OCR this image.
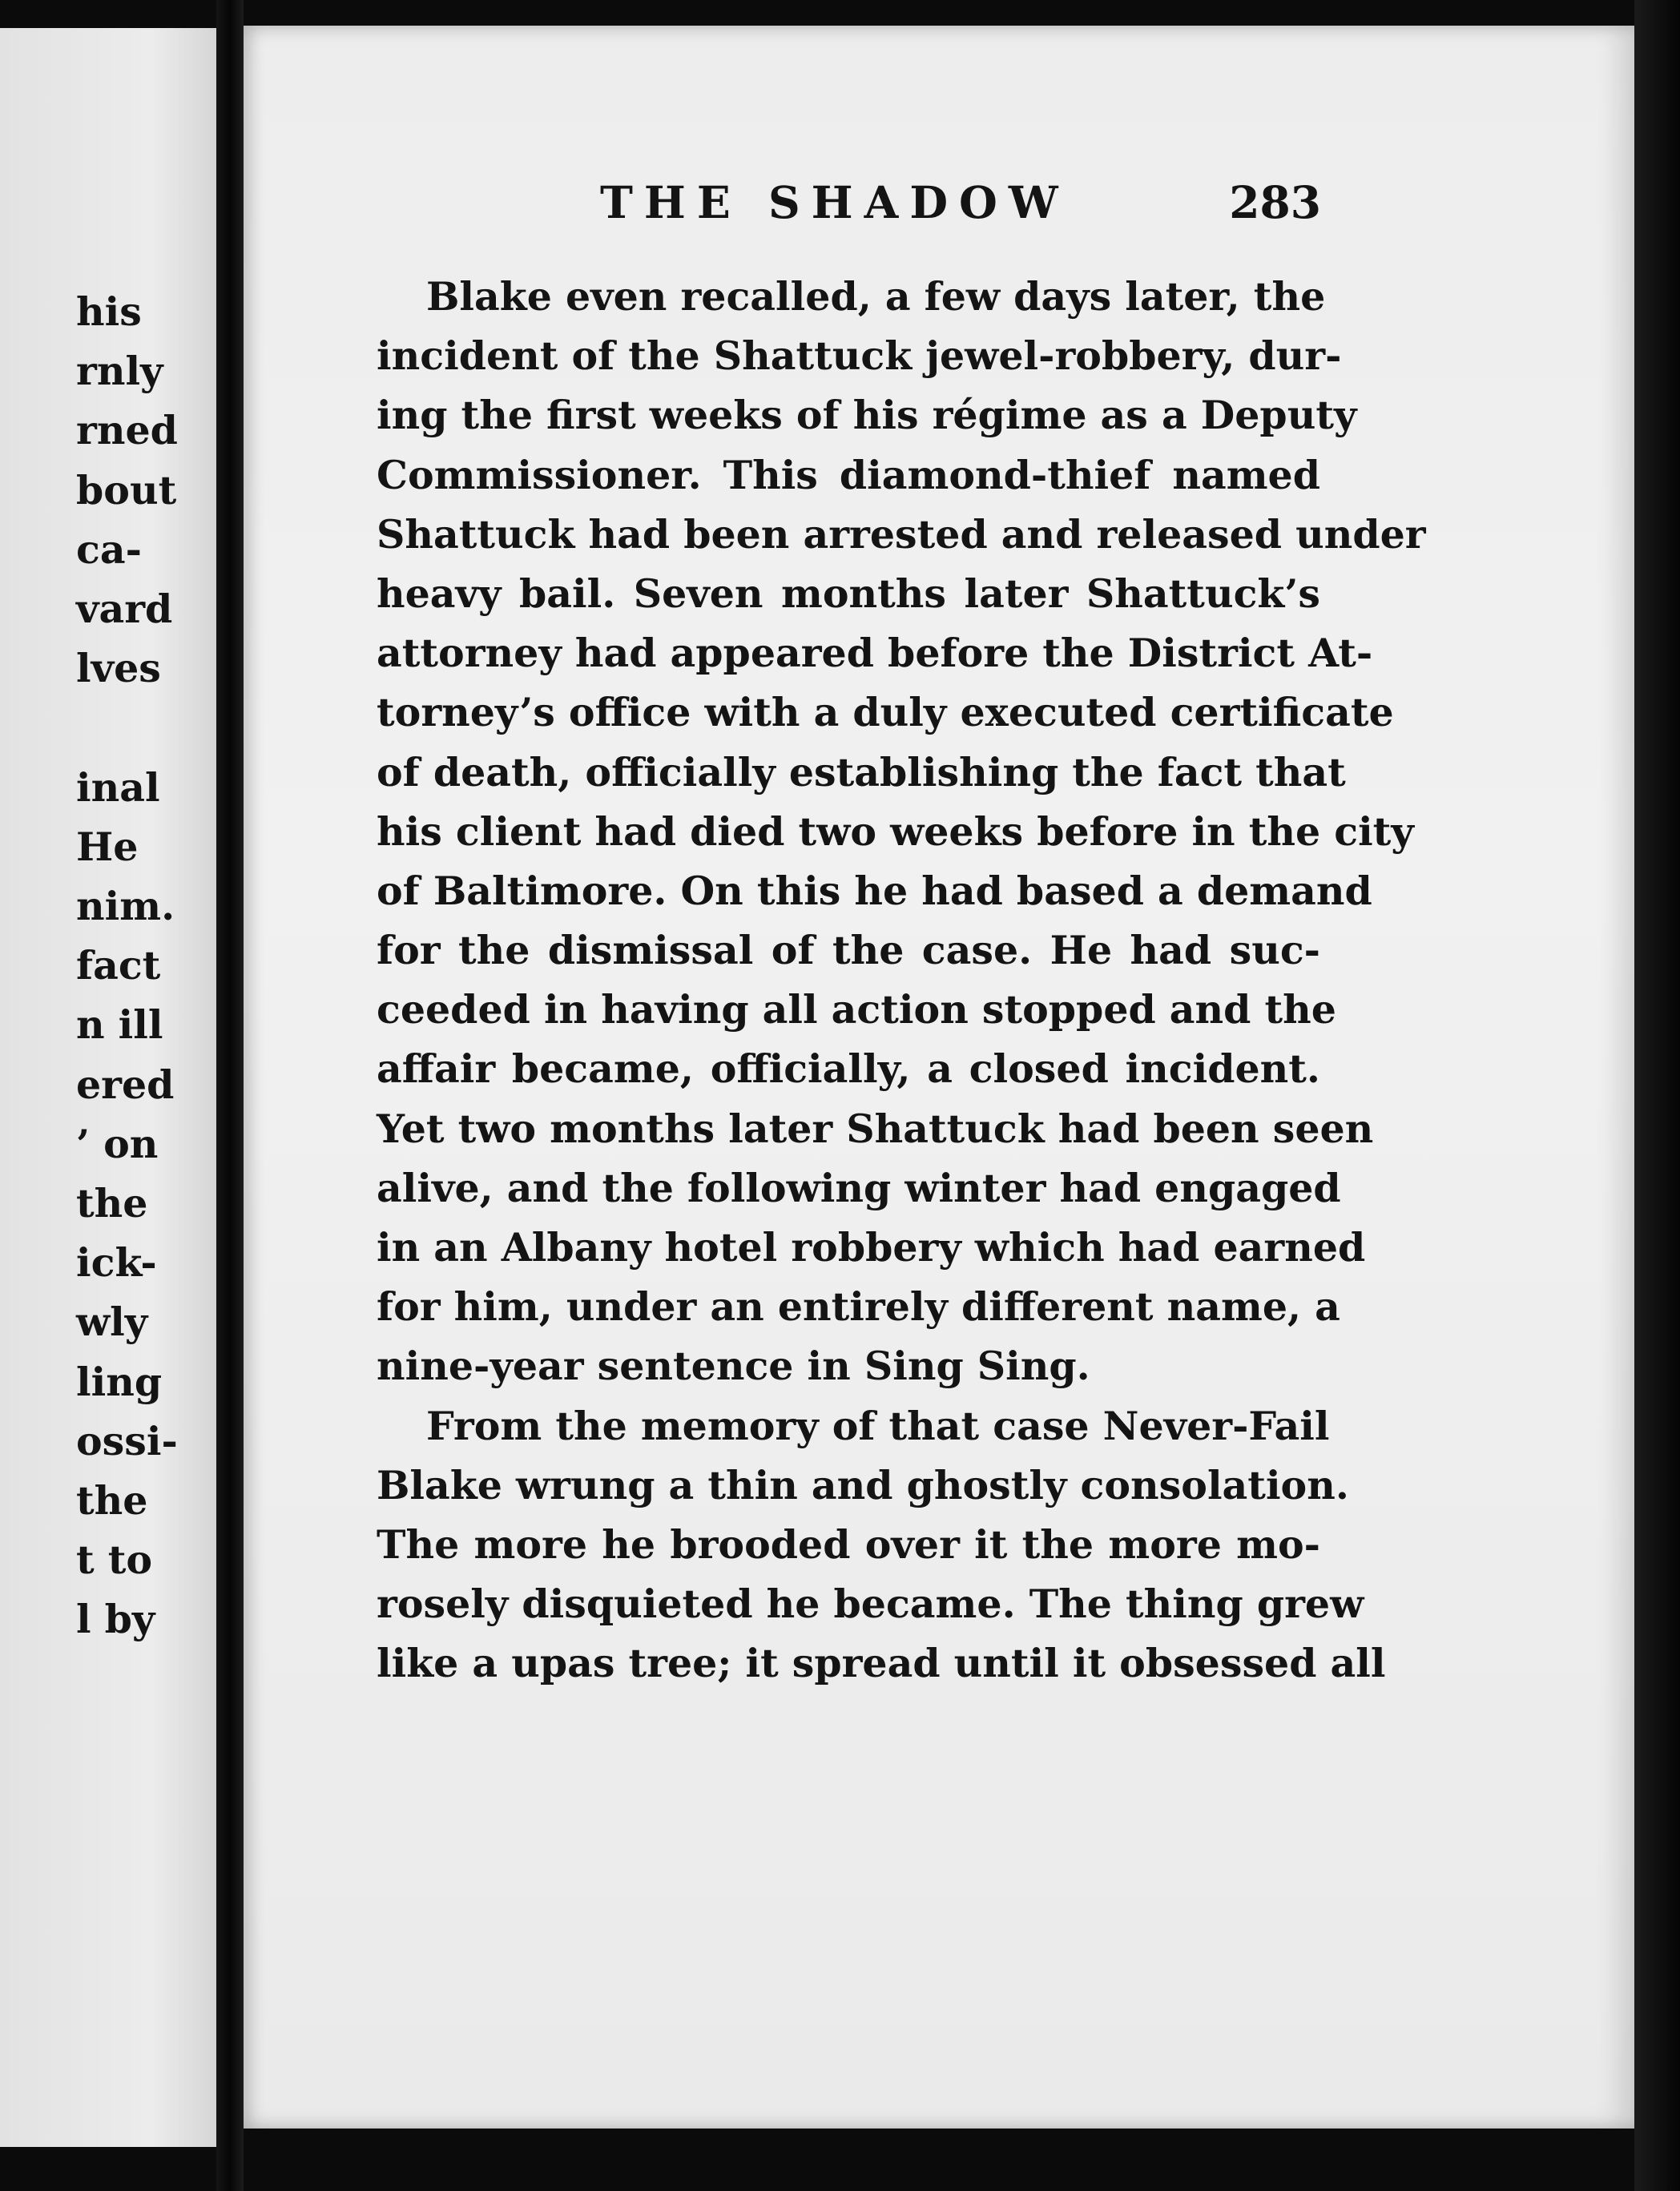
his

rnly

rned

bout

ca-

vard

lves

inal

He

nim.

fact

n ill

ered

’ on

the

ick-

wly

ling

ossi-

the

t to

l by

THE SHADOW	283
Blake even recalled, a few days later, the
incident of the Shattuck jewel-robbery, dur-
ing the first weeks of his régime as a Deputy
Commissioner. This diamond-thief named
Shattuck had been arrested and released under
heavy bail. Seven months later Shattuck’s
attorney had appeared before the District At-
torney’s office with a duly executed certificate
of death, officially establishing the fact that
his client had died two weeks before in the city
of Baltimore. On this he had based a demand
for the dismissal of the case. He had suc-
ceeded in having all action stopped and the
affair became, officially, a closed incident.
Yet two months later Shattuck had been seen
alive, and the following winter had engaged
in an Albany hotel robbery which had earned
for him, under an entirely different name, a
nine-year sentence in Sing Sing.
From the memory of that case Never-Fail
Blake wrung a thin and ghostly consolation.
The more he brooded over it the more mo-
rosely disquieted he became. The thing grew
like a upas tree; it spread until it obsessed all
